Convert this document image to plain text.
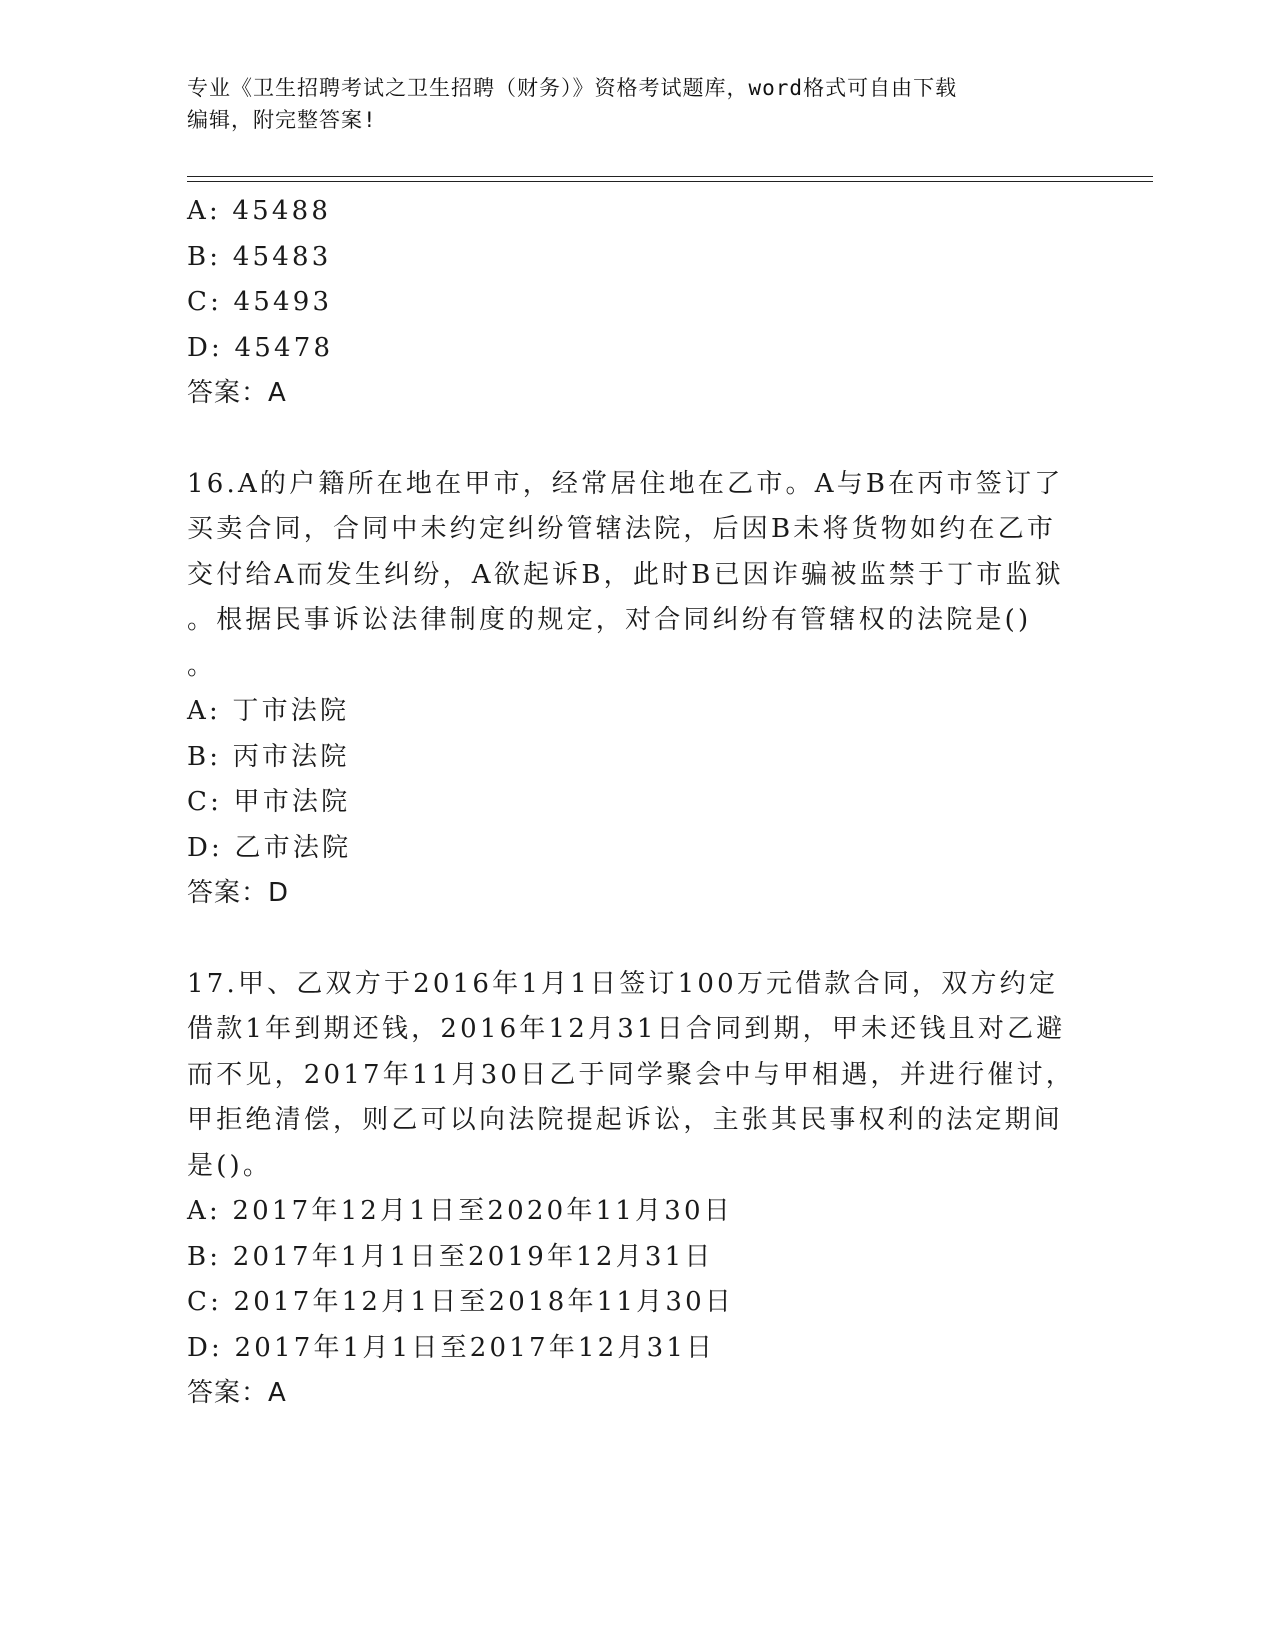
专业《卫生招聘考试之卫生招聘（财务）》资格考试题库，word格式可自由下载
编辑，附完整答案!
A: 45488
B: 45483
C: 45493
D: 45478
答案：A
16.A的户籍所在地在甲市，经常居住地在乙市。A与B在丙市签订了
买卖合同，合同中未约定纠纷管辖法院，后因B未将货物如约在乙市
交付给A而发生纠纷，A欲起诉B，此时B已因诈骗被监禁于丁市监狱
。根据民事诉讼法律制度的规定，对合同纠纷有管辖权的法院是()
。
A: 丁市法院
B: 丙市法院
C: 甲市法院
D: 乙市法院
答案：D
17.甲、乙双方于2016年1月1日签订100万元借款合同，双方约定
借款1年到期还钱，2016年12月31日合同到期，甲未还钱且对乙避
而不见，2017年11月30日乙于同学聚会中与甲相遇，并进行催讨，
甲拒绝清偿，则乙可以向法院提起诉讼，主张其民事权利的法定期间
是()。
A: 2017年12月1日至2020年11月30日
B: 2017年1月1日至2019年12月31日
C: 2017年12月1日至2018年11月30日
D: 2017年1月1日至2017年12月31日
答案：A
